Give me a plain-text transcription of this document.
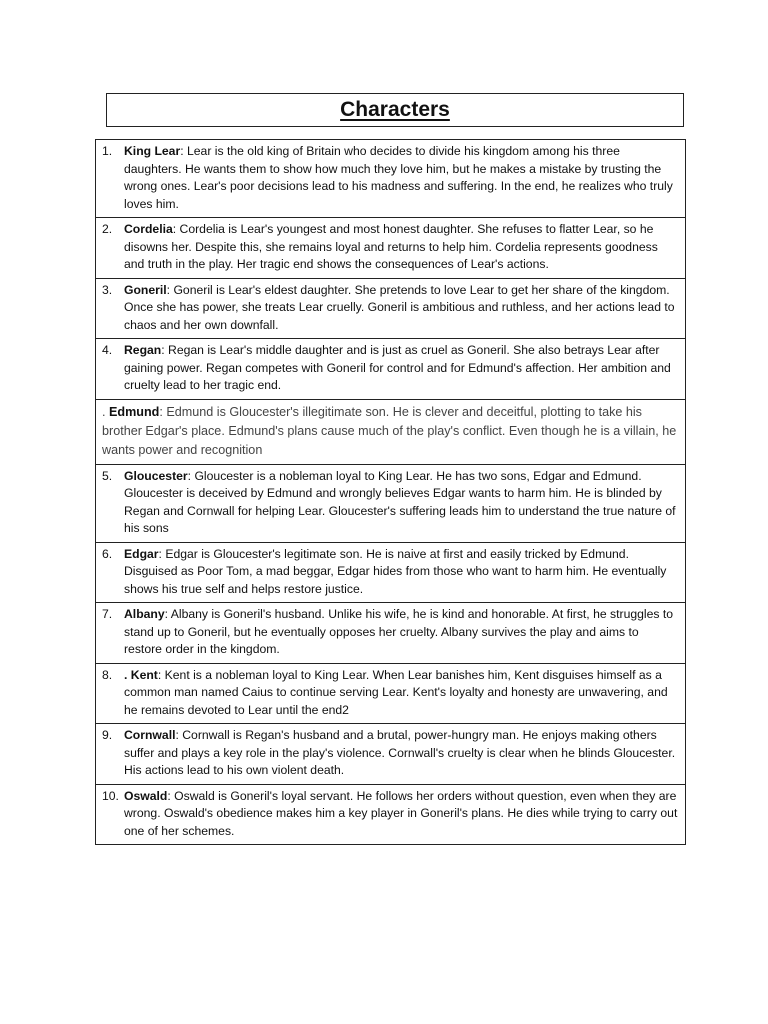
Characters
1. King Lear: Lear is the old king of Britain who decides to divide his kingdom among his three daughters. He wants them to show how much they love him, but he makes a mistake by trusting the wrong ones. Lear's poor decisions lead to his madness and suffering. In the end, he realizes who truly loves him.

2. Cordelia: Cordelia is Lear's youngest and most honest daughter. She refuses to flatter Lear, so he disowns her. Despite this, she remains loyal and returns to help him. Cordelia represents goodness and truth in the play. Her tragic end shows the consequences of Lear's actions.

3. Goneril: Goneril is Lear's eldest daughter. She pretends to love Lear to get her share of the kingdom. Once she has power, she treats Lear cruelly. Goneril is ambitious and ruthless, and her actions lead to chaos and her own downfall.

4. Regan: Regan is Lear's middle daughter and is just as cruel as Goneril. She also betrays Lear after gaining power. Regan competes with Goneril for control and for Edmund's affection. Her ambition and cruelty lead to her tragic end.

. Edmund: Edmund is Gloucester's illegitimate son. He is clever and deceitful, plotting to take his brother Edgar's place. Edmund's plans cause much of the play's conflict. Even though he is a villain, he wants power and recognition

5. Gloucester: Gloucester is a nobleman loyal to King Lear. He has two sons, Edgar and Edmund. Gloucester is deceived by Edmund and wrongly believes Edgar wants to harm him. He is blinded by Regan and Cornwall for helping Lear. Gloucester's suffering leads him to understand the true nature of his sons

6. Edgar: Edgar is Gloucester's legitimate son. He is naive at first and easily tricked by Edmund. Disguised as Poor Tom, a mad beggar, Edgar hides from those who want to harm him. He eventually shows his true self and helps restore justice.

7. Albany: Albany is Goneril's husband. Unlike his wife, he is kind and honorable. At first, he struggles to stand up to Goneril, but he eventually opposes her cruelty. Albany survives the play and aims to restore order in the kingdom.

8. . Kent: Kent is a nobleman loyal to King Lear. When Lear banishes him, Kent disguises himself as a common man named Caius to continue serving Lear. Kent's loyalty and honesty are unwavering, and he remains devoted to Lear until the end2

9. Cornwall: Cornwall is Regan's husband and a brutal, power-hungry man. He enjoys making others suffer and plays a key role in the play's violence. Cornwall's cruelty is clear when he blinds Gloucester. His actions lead to his own violent death.

10. Oswald: Oswald is Goneril's loyal servant. He follows her orders without question, even when they are wrong. Oswald's obedience makes him a key player in Goneril's plans. He dies while trying to carry out one of her schemes.
